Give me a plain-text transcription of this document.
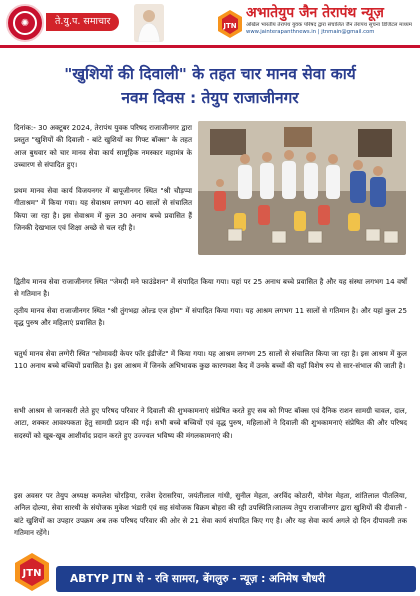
✺	ते.यु.प. समाचार	JTN
अभातेयुप जैन तेरापंथ न्यूज़
अखिल भारतीय तेरापंथ युवक परिषद द्वारा संचालित जैन तेरापंथ सूचना डिजिटल माध्यम
www.jainterapanthnews.in | jtnmain@gmail.com
"खुशियों की दिवाली" के तहत चार मानव सेवा कार्य
नवम दिवस : तेयुप राजाजीनगर

दिनांक:- 30 अक्टूबर 2024, तेरापंथ युवक परिषद राजाजीनगर द्वारा प्रस्तुत "खुशियों की दिवाली - बांटे खुशियों का गिफ्ट बॉक्स" के तहत आज बुधवार को चार मानव सेवा कार्य सामूहिक नमस्कार महामंत्र के उच्चारण से संपादित हुए।

प्रथम मानव सेवा कार्य विजयनगर में बापूजीनगर स्थित "श्री चौड़प्पा गीताश्रम" में किया गया। यह सेवाश्रम लगभग 40 सालों से संचालित किया जा रहा है। इस सेवाश्रम में कुल 30 अनाथ बच्चे प्रवासित हैं जिनकी देखभाल एवं शिक्षा अच्छे से चल रही है।

द्वितीय मानव सेवा राजाजीनगर स्थित "जेमदी मने फाउंडेशन" में संपादित किया गया। यहां पर 25 अनाथ बच्चे प्रवासित है और यह संस्था लगभग 14 वर्षों से गतिमान है।

तृतीय मानव सेवा राजाजीनगर स्थित "श्री तुंगभद्रा ओल्ड एज होम" में संपादित किया गया। यह आश्रम लगभग 11 सालों से गतिमान है। और यहां कुल 25 वृद्ध पुरुष और महिलाएं प्रवासित है।

चतुर्थ मानव सेवा लग्गेरी स्थित "सोमावदी केयर फॉर इंडीजेंट" में किया गया। यह आश्रम लगभग 25 सालों से संचालित किया जा रहा है। इस आश्रम में कुल 110 अनाथ बच्चे बच्चियों प्रवासित है। इस आश्रम में जिनके अभिभावक कुछ कारणवश कैद में उनके बच्चों की यहाँ विशेष रुप से सार-संभाल की जाती है।

सभी आश्रम से जानकारी लेते हुए परिषद परिवार ने दिवाली की शुभकामनाएं संप्रेषित करते हुए सब को गिफ्ट बॉक्स एवं दैनिक राशन सामग्री चावल, दाल, आटा, शक्कर आवश्यकता हेतु सामग्री प्रदान की गई। सभी बच्चे बच्चियों एवं वृद्ध पुरुष, महिलाओं ने दिवाली की शुभकामनाएं संप्रेषित की और परिषद सदस्यों को खूब-खूब आशीर्वाद प्रदान करते हुए उज्ज्वल भविष्य की मंगलकामनाएं की।

इस अवसर पर तेयुप अध्यक्ष कमलेश चोरड़िया, राजेश देरासरिया, जयंतीलाल गांधी, सुनील मेहता, अरविंद कोठारी, योगेश मेहता, शांतिलाल पीतलिया, अनिल दोल्या, सेवा सारथी के संयोजक मुकेश भंडारी एवं सह संयोजक विक्रम बोहरा की रही उपस्थिति।जातव्य तेयुप राजाजीनगर द्वारा खुशियों की दीवाली - बांटे खुशियों का उपहार उपक्रम अब तक परिषद परिवार की ओर से 21 सेवा कार्य संपादित किए गए है। और यह सेवा कार्य अगले दो दिन दीपावली तक गतिमान रहेंगे।

JTN	ABTYP JTN से - रवि सामरा, बेंगलुरु - न्यूज़ : अनिमेष चौधरी
